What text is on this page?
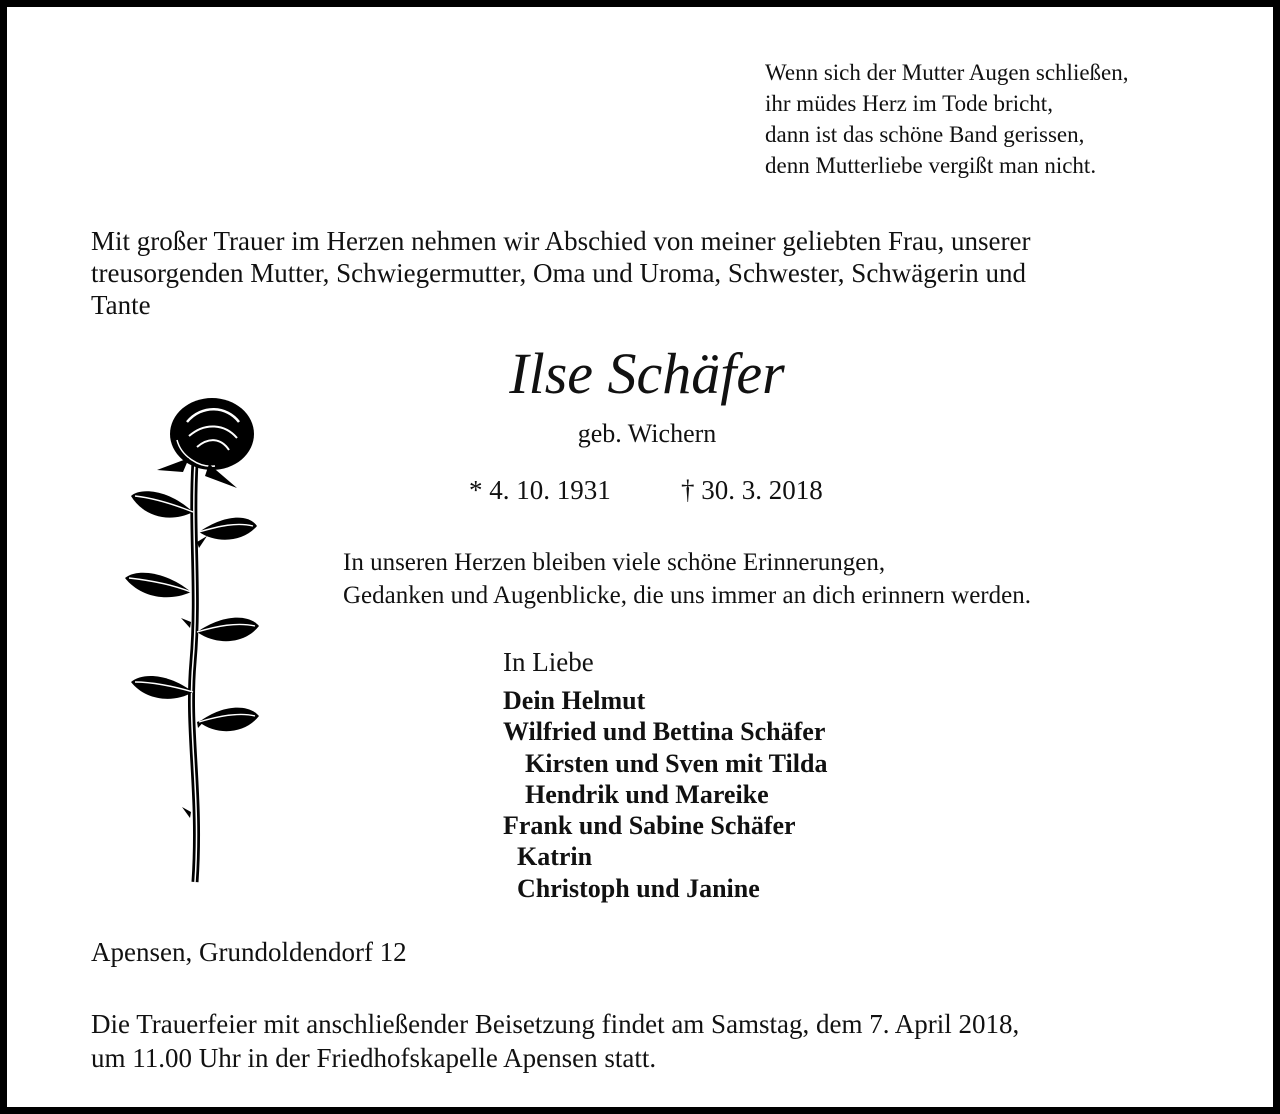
Wenn sich der Mutter Augen schließen,
ihr müdes Herz im Tode bricht,
dann ist das schöne Band gerissen,
denn Mutterliebe vergißt man nicht.
Mit großer Trauer im Herzen nehmen wir Abschied von meiner geliebten Frau, unserer
treusorgenden Mutter, Schwiegermutter, Oma und Uroma, Schwester, Schwägerin und
Tante
Ilse Schäfer
geb. Wichern
* 4. 10. 1931	† 30. 3. 2018
In unseren Herzen bleiben viele schöne Erinnerungen,
Gedanken und Augenblicke, die uns immer an dich erinnern werden.
In Liebe
Dein Helmut
Wilfried und Bettina Schäfer
Kirsten und Sven mit Tilda
Hendrik und Mareike
Frank und Sabine Schäfer
Katrin
Christoph und Janine
Apensen, Grundoldendorf 12
Die Trauerfeier mit anschließender Beisetzung findet am Samstag, dem 7. April 2018,
um 11.00 Uhr in der Friedhofskapelle Apensen statt.
